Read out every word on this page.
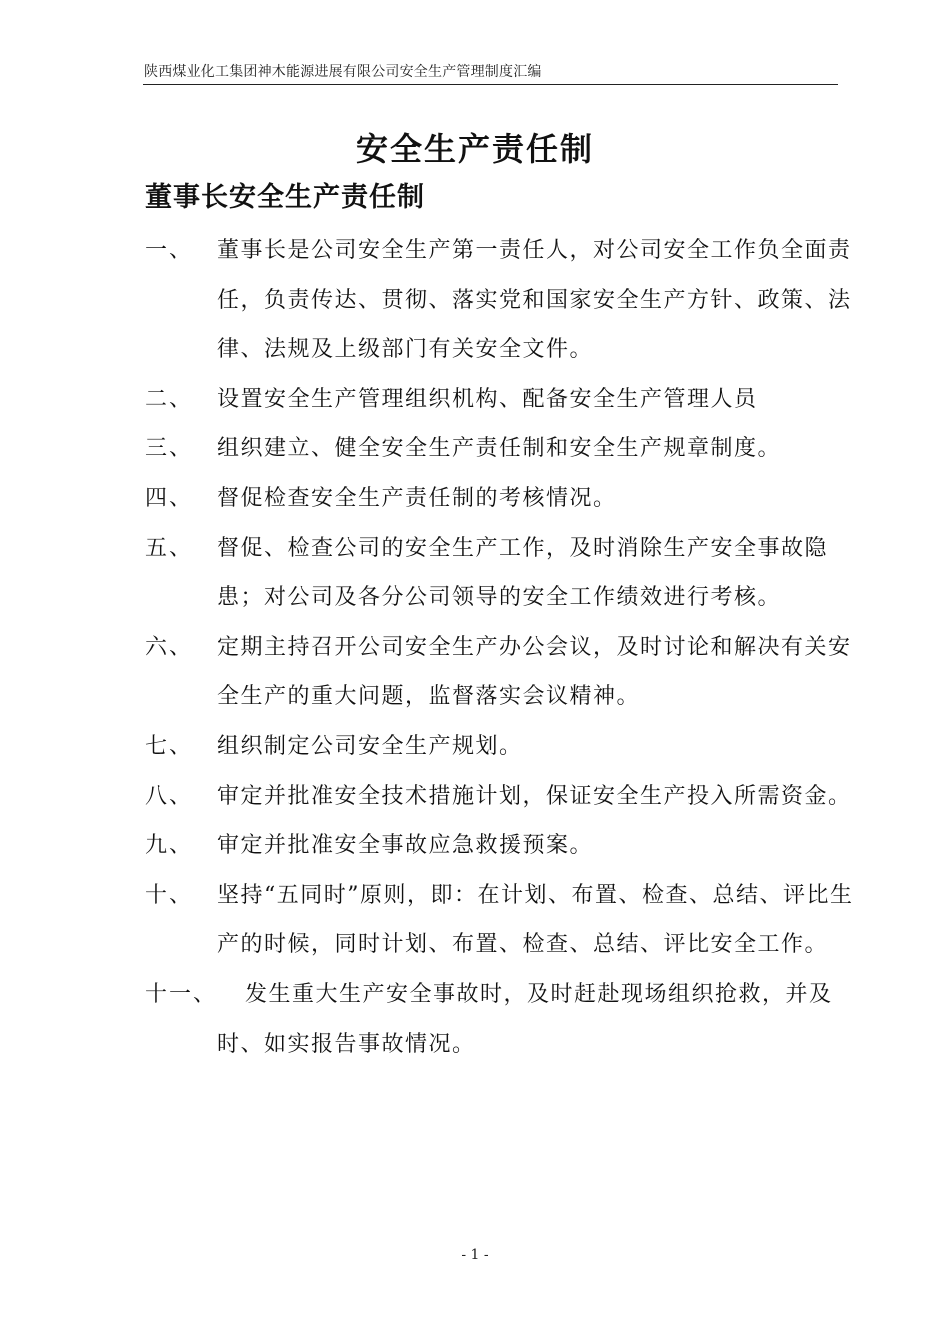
陕西煤业化工集团神木能源进展有限公司安全生产管理制度汇编
安全生产责任制
董事长安全生产责任制
一、 董事长是公司安全生产第一责任人，对公司安全工作负全面责任，负责传达、贯彻、落实党和国家安全生产方针、政策、法律、法规及上级部门有关安全文件。
二、 设置安全生产管理组织机构、配备安全生产管理人员
三、 组织建立、健全安全生产责任制和安全生产规章制度。
四、 督促检查安全生产责任制的考核情况。
五、 督促、检查公司的安全生产工作，及时消除生产安全事故隐患；对公司及各分公司领导的安全工作绩效进行考核。
六、 定期主持召开公司安全生产办公会议，及时讨论和解决有关安全生产的重大问题，监督落实会议精神。
七、 组织制定公司安全生产规划。
八、 审定并批准安全技术措施计划，保证安全生产投入所需资金。
九、 审定并批准安全事故应急救援预案。
十、 坚持“五同时”原则，即：在计划、布置、检查、总结、评比生产的时候，同时计划、布置、检查、总结、评比安全工作。
十一、	发生重大生产安全事故时，及时赶赴现场组织抢救，并及时、如实报告事故情况。
- 1 -
